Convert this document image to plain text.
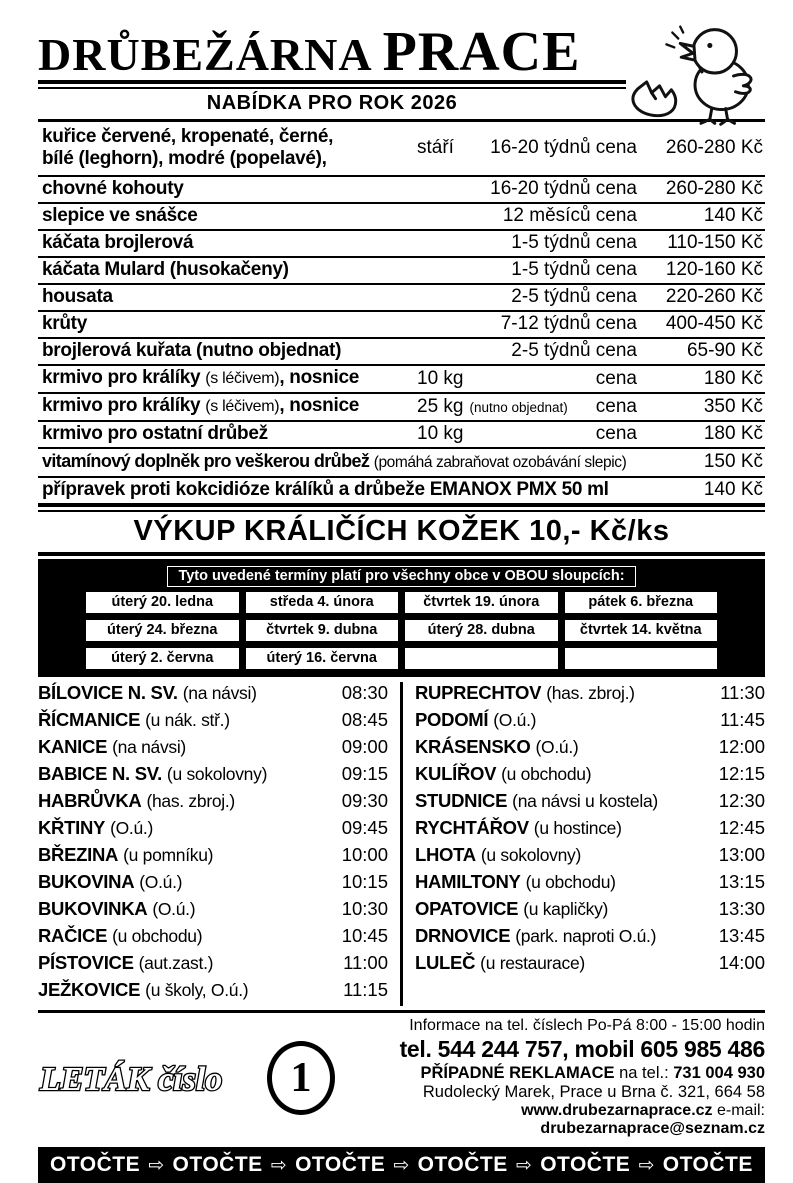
DRŮBEŽÁRNA PRACE
NABÍDKA PRO ROK 2026
kuřice červené, kropenaté, černé,
bílé (leghorn), modré (popelavé),
stáří 16-20 týdnů cena	260-280 Kč
chovné kohouty	16-20 týdnů cena	260-280 Kč
slepice ve snášce	12 měsíců cena	140 Kč
káčata brojlerová	1-5 týdnů cena	110-150 Kč
káčata Mulard (husokačeny)	1-5 týdnů cena	120-160 Kč
housata	2-5 týdnů cena	220-260 Kč
krůty	7-12 týdnů cena	400-450 Kč
brojlerová kuřata (nutno objednat)	2-5 týdnů cena	65-90 Kč
krmivo pro králíky (s léčivem), nosnice	10 kg	cena	180 Kč
krmivo pro králíky (s léčivem), nosnice	25 kg (nutno objednat) cena	350 Kč
krmivo pro ostatní drůbež	10 kg	cena	180 Kč
vitamínový doplněk pro veškerou drůbež (pomáhá zabraňovat ozobávání slepic)	150 Kč
přípravek proti kokcidióze králíků a drůbeže EMANOX PMX 50 ml	140 Kč
VÝKUP KRÁLIČÍCH KOŽEK 10,- Kč/ks
Tyto uvedené termíny platí pro všechny obce v OBOU sloupcích:
úterý 20. ledna	středa 4. února	čtvrtek 19. února	pátek 6. března
úterý 24. března	čtvrtek 9. dubna	úterý 28. dubna	čtvrtek 14. května
úterý 2. června	úterý 16. června
BÍLOVICE N. SV. (na návsi)	08:30
ŘÍCMANICE (u nák. stř.)	08:45
KANICE (na návsi)	09:00
BABICE N. SV. (u sokolovny)	09:15
HABRŮVKA (has. zbroj.)	09:30
KŘTINY (O.ú.)	09:45
BŘEZINA (u pomníku)	10:00
BUKOVINA (O.ú.)	10:15
BUKOVINKA (O.ú.)	10:30
RAČICE (u obchodu)	10:45
PÍSTOVICE (aut.zast.)	11:00
JEŽKOVICE (u školy, O.ú.)	11:15
RUPRECHTOV (has. zbroj.)	11:30
PODOMÍ (O.ú.)	11:45
KRÁSENSKO (O.ú.)	12:00
KULÍŘOV (u obchodu)	12:15
STUDNICE (na návsi u kostela)	12:30
RYCHTÁŘOV (u hostince)	12:45
LHOTA (u sokolovny)	13:00
HAMILTONY (u obchodu)	13:15
OPATOVICE (u kapličky)	13:30
DRNOVICE (park. naproti O.ú.)	13:45
LULEČ (u restaurace)	14:00
LETÁK číslo	1
Informace na tel. číslech Po-Pá 8:00 - 15:00 hodin
tel. 544 244 757, mobil 605 985 486
PŘÍPADNÉ REKLAMACE na tel.: 731 004 930
Rudolecký Marek, Prace u Brna č. 321, 664 58
www.drubezarnaprace.cz e-mail: drubezarnaprace@seznam.cz
OTOČTE ⇨ OTOČTE ⇨ OTOČTE ⇨ OTOČTE ⇨ OTOČTE ⇨ OTOČTE
